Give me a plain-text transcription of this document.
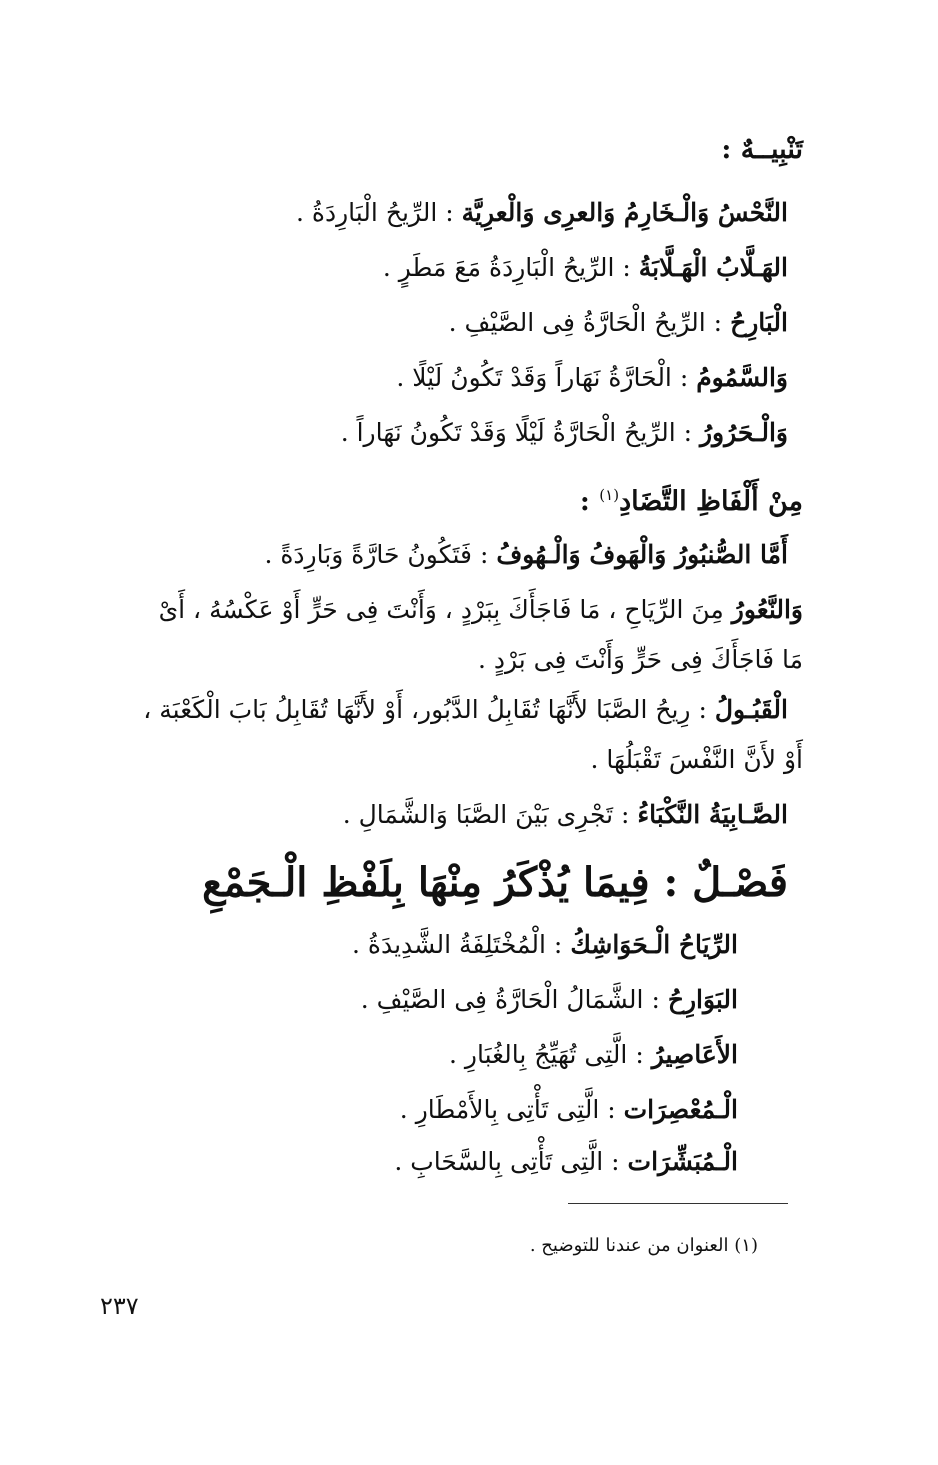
تَنْبِيــهٌ :
النَّحْسُ وَالْـخَارِمُ وَالعرِى وَالْعرِيَّة : الرِّيحُ الْبَارِدَةُ .
الهَـلَّابُ الْهَـلَّابَةُ : الرِّيحُ الْبَارِدَةُ مَعَ مَطَرٍ .
الْبَارِحُ : الرِّيحُ الْحَارَّةُ فِى الصَّيْفِ .
وَالسَّمُومُ : الْحَارَّةُ نَهَاراً وَقَدْ تَكُونُ لَيْلًا .
وَالْـحَرُورُ : الرِّيحُ الْحَارَّةُ لَيْلًا وَقَدْ تَكُونُ نَهَاراً .
مِنْ أَلْفَاظِ التَّضَادِ$^{(١)}$ :
أَمَّا الصُّنبُورُ وَالْهَوفُ وَالْـهُوفُ : فَتَكُونُ حَارَّةً وَبَارِدَةً .
وَالنَّعُورُ مِنَ الرِّيَاحِ ، مَا فَاجَأَكَ بِبَرْدٍ ، وَأَنْتَ فِى حَرٍّ أَوْ عَكْسُهُ ، أَىْ
مَا فَاجَأَكَ فِى حَرٍّ وَأَنْتَ فِى بَرْدٍ .
الْقَبُـولُ : رِيحُ الصَّبَا لأَنَّهَا تُقَابِلُ الدَّبُور، أَوْ لأَنَّهَا تُقَابِلُ بَابَ الْكَعْبَة ،
أَوْ لأَنَّ النَّفْسَ تَقْبَلُهَا .
الصَّـابِيَةُ النَّكْبَاءُ : تَجْرِى بَيْنَ الصَّبَا وَالشَّمَالِ .
فَصْـلٌ : فِيمَا يُذْكَرُ مِنْهَا بِلَفْظِ الْـجَمْعِ
الرِّيَاحُ الْـحَوَاشِكُ : الْمُخْتَلِفَةُ الشَّدِيدَةُ .
البَوَارِحُ : الشَّمَالُ الْحَارَّةُ فِى الصَّيْفِ .
الأَعَاصِيرُ : الَّتِى تُهَيِّجُ بِالغُبَارِ .
الْـمُعْصِرَات : الَّتِى تَأْتِى بِالأَمْطَارِ .
الْـمُبَشِّرَات : الَّتِى تَأْتِى بِالسَّحَابِ .
(١) العنوان من عندنا للتوضيح .
٢٣٧
